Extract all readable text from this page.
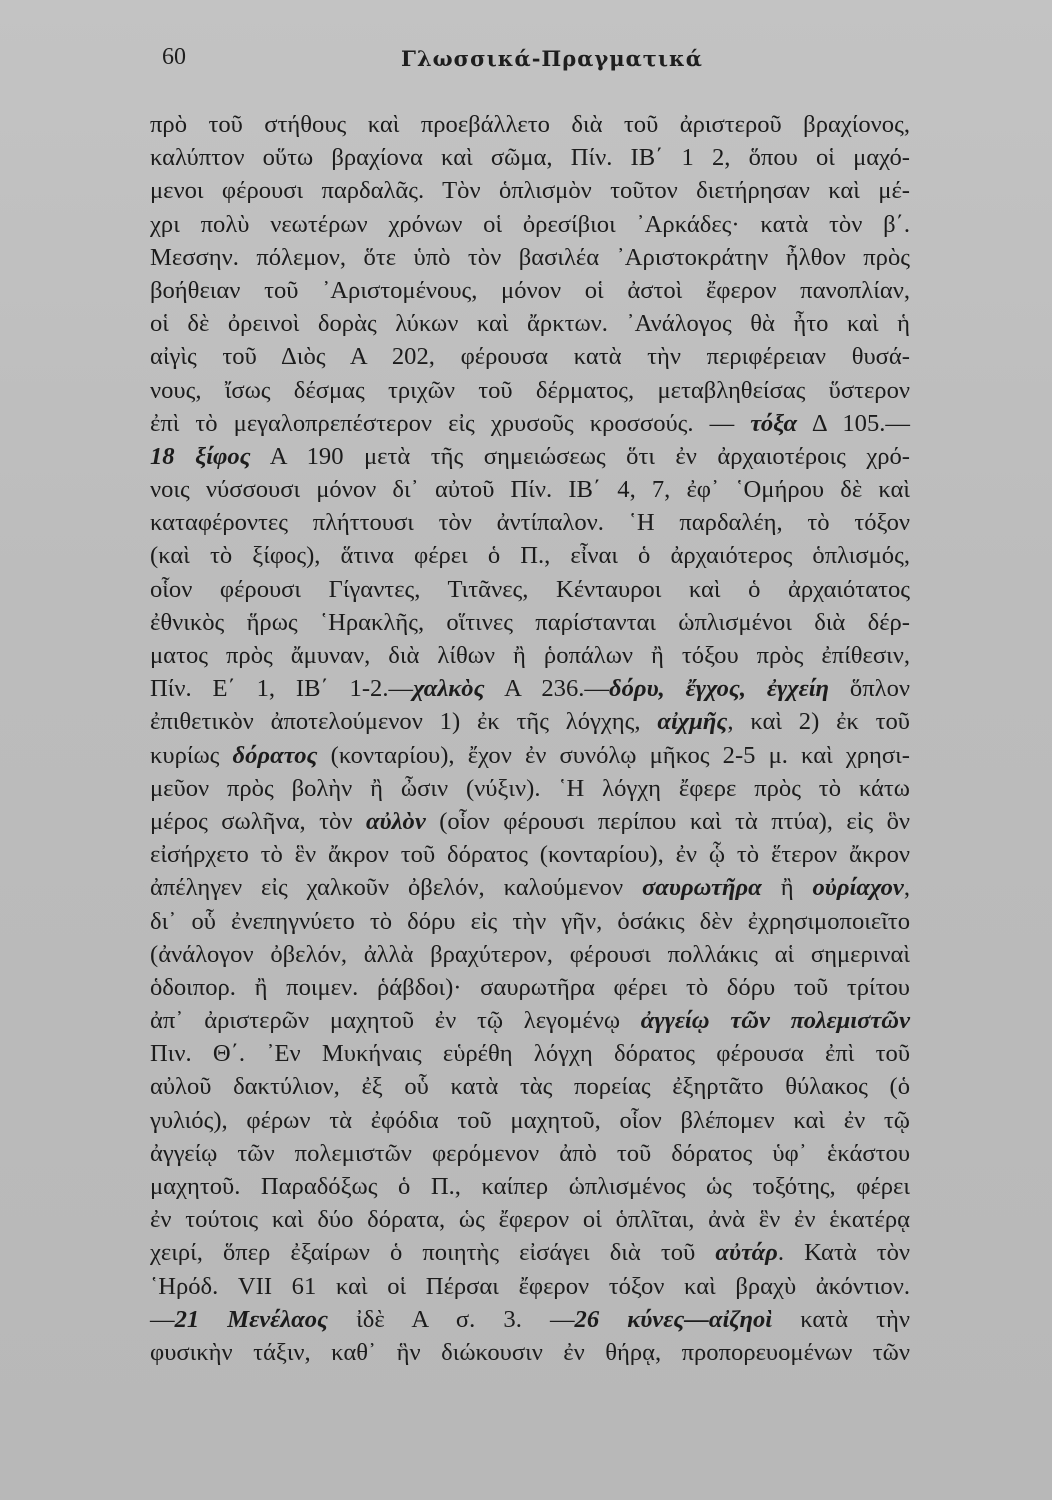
60	Γλωσσικά-Πραγματικά
πρὸ τοῦ στήθους καὶ προεβάλλετο διὰ τοῦ ἀριστεροῦ βραχίονος,
καλύπτον οὕτω βραχίονα καὶ σῶμα, Πίν. ΙΒ΄ 1 2, ὅπου οἱ μαχό-
μενοι φέρουσι παρδαλᾶς. Τὸν ὁπλισμὸν τοῦτον διετήρησαν καὶ μέ-
χρι πολὺ νεωτέρων χρόνων οἱ ὀρεσίβιοι ᾿Αρκάδες· κατὰ τὸν β΄.
Μεσσην. πόλεμον, ὅτε ὑπὸ τὸν βασιλέα ᾿Αριστοκράτην ἦλθον πρὸς
βοήθειαν τοῦ ᾿Αριστομένους, μόνον οἱ ἀστοὶ ἔφερον πανοπλίαν,
οἱ δὲ ὀρεινοὶ δορὰς λύκων καὶ ἄρκτων. ᾿Ανάλογος θὰ ἦτο καὶ ἡ
αἰγὶς τοῦ Διὸς Α 202, φέρουσα κατὰ τὴν περιφέρειαν θυσά-
νους, ἴσως δέσμας τριχῶν τοῦ δέρματος, μεταβληθείσας ὕστερον
ἐπὶ τὸ μεγαλοπρεπέστερον εἰς χρυσοῦς κροσσούς. — τόξα Δ 105.—
18 ξίφος Α 190 μετὰ τῆς σημειώσεως ὅτι ἐν ἀρχαιοτέροις χρό-
νοις νύσσουσι μόνον δι᾿ αὐτοῦ Πίν. ΙΒ΄ 4, 7, ἐφ᾿ ῾Ομήρου δὲ καὶ
καταφέροντες πλήττουσι τὸν ἀντίπαλον. ῾Η παρδαλέη, τὸ τόξον
(καὶ τὸ ξίφος), ἅτινα φέρει ὁ Π., εἶναι ὁ ἀρχαιότερος ὁπλισμός,
οἷον φέρουσι Γίγαντες, Τιτᾶνες, Κένταυροι καὶ ὁ ἀρχαιότατος
ἐθνικὸς ἥρως ῾Ηρακλῆς, οἵτινες παρίστανται ὡπλισμένοι διὰ δέρ-
ματος πρὸς ἄμυναν, διὰ λίθων ἢ ῥοπάλων ἢ τόξου πρὸς ἐπίθεσιν,
Πίν. Ε΄ 1, ΙΒ΄ 1-2.—χαλκὸς Α 236.—δόρυ, ἔγχος, ἐγχείη ὅπλον
ἐπιθετικὸν ἀποτελούμενον 1) ἐκ τῆς λόγχης, αἰχμῆς, καὶ 2) ἐκ τοῦ
κυρίως δόρατος (κονταρίου), ἔχον ἐν συνόλῳ μῆκος 2-5 μ. καὶ χρησι-
μεῦον πρὸς βολὴν ἢ ὦσιν (νύξιν). ῾Η λόγχη ἔφερε πρὸς τὸ κάτω
μέρος σωλῆνα, τὸν αὐλὸν (οἷον φέρουσι περίπου καὶ τὰ πτύα), εἰς ὃν
εἰσήρχετο τὸ ἓν ἄκρον τοῦ δόρατος (κονταρίου), ἐν ᾧ τὸ ἕτερον ἄκρον
ἀπέληγεν εἰς χαλκοῦν ὀβελόν, καλούμενον σαυρωτῆρα ἢ οὐρίαχον,
δι᾿ οὗ ἐνεπηγνύετο τὸ δόρυ εἰς τὴν γῆν, ὁσάκις δὲν ἐχρησιμοποιεῖτο
(ἀνάλογον ὀβελόν, ἀλλὰ βραχύτερον, φέρουσι πολλάκις αἱ σημεριναὶ
ὁδοιπορ. ἢ ποιμεν. ῥάβδοι)· σαυρωτῆρα φέρει τὸ δόρυ τοῦ τρίτου
ἀπ᾿ ἀριστερῶν μαχητοῦ ἐν τῷ λεγομένῳ ἀγγείῳ τῶν πολεμιστῶν
Πιν. Θ΄. ᾿Εν Μυκήναις εὑρέθη λόγχη δόρατος φέρουσα ἐπὶ τοῦ
αὐλοῦ δακτύλιον, ἐξ οὗ κατὰ τὰς πορείας ἐξηρτᾶτο θύλακος (ὁ
γυλιός), φέρων τὰ ἐφόδια τοῦ μαχητοῦ, οἷον βλέπομεν καὶ ἐν τῷ
ἀγγείῳ τῶν πολεμιστῶν φερόμενον ἀπὸ τοῦ δόρατος ὑφ᾿ ἑκάστου
μαχητοῦ. Παραδόξως ὁ Π., καίπερ ὡπλισμένος ὡς τοξότης, φέρει
ἐν τούτοις καὶ δύο δόρατα, ὡς ἔφερον οἱ ὁπλῖται, ἀνὰ ἓν ἐν ἑκατέρᾳ
χειρί, ὅπερ ἐξαίρων ὁ ποιητὴς εἰσάγει διὰ τοῦ αὐτάρ. Κατὰ τὸν
῾Ηρόδ. VII 61 καὶ οἱ Πέρσαι ἔφερον τόξον καὶ βραχὺ ἀκόντιον.
—21 Μενέλαος ἰδὲ Α σ. 3. —26 κύνες—αἰζηοὶ κατὰ τὴν
φυσικὴν τάξιν, καθ᾿ ἣν διώκουσιν ἐν θήρᾳ, προπορευομένων τῶν
